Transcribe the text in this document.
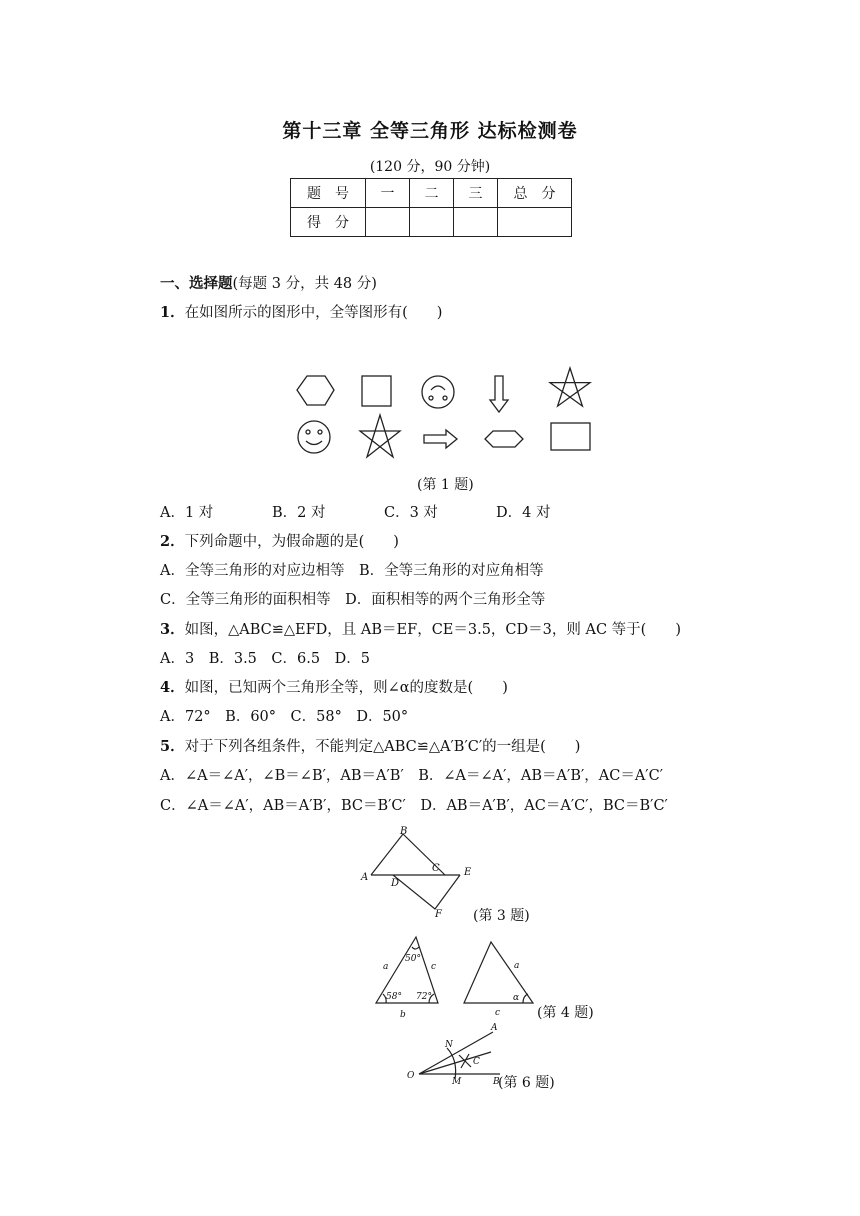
第十三章 全等三角形 达标检测卷
(120 分，90 分钟)
题　号	一	二	三	总　分
得　分				
一、选择题(每题 3 分，共 48 分)
1．在如图所示的图形中，全等图形有(　　)
(第 1 题)
A．1 对	B．2 对	C．3 对	D．4 对
2．下列命题中，为假命题的是(　　)
A．全等三角形的对应边相等　B．全等三角形的对应角相等
C．全等三角形的面积相等　D．面积相等的两个三角形全等
3．如图，△ABC≌△EFD，且 AB＝EF，CE＝3.5，CD＝3，则 AC 等于(　　)
A．3　B．3.5　C．6.5　D．5
4．如图，已知两个三角形全等，则∠α的度数是(　　)
A．72°　B．60°　C．58°　D．50°
5．对于下列各组条件，不能判定△ABC≌△A′B′C′的一组是(　　)
A．∠A＝∠A′，∠B＝∠B′，AB＝A′B′　B．∠A＝∠A′，AB＝A′B′，AC＝A′C′
C．∠A＝∠A′，AB＝A′B′，BC＝B′C′　D．AB＝A′B′，AC＝A′C′，BC＝B′C′
B
A
C
D
E
F (第 3 题)
a	c
b
50°
58° 72°
a
c
α
(第 4 题)
O
A
B
C
M
N
(第 6 题)
